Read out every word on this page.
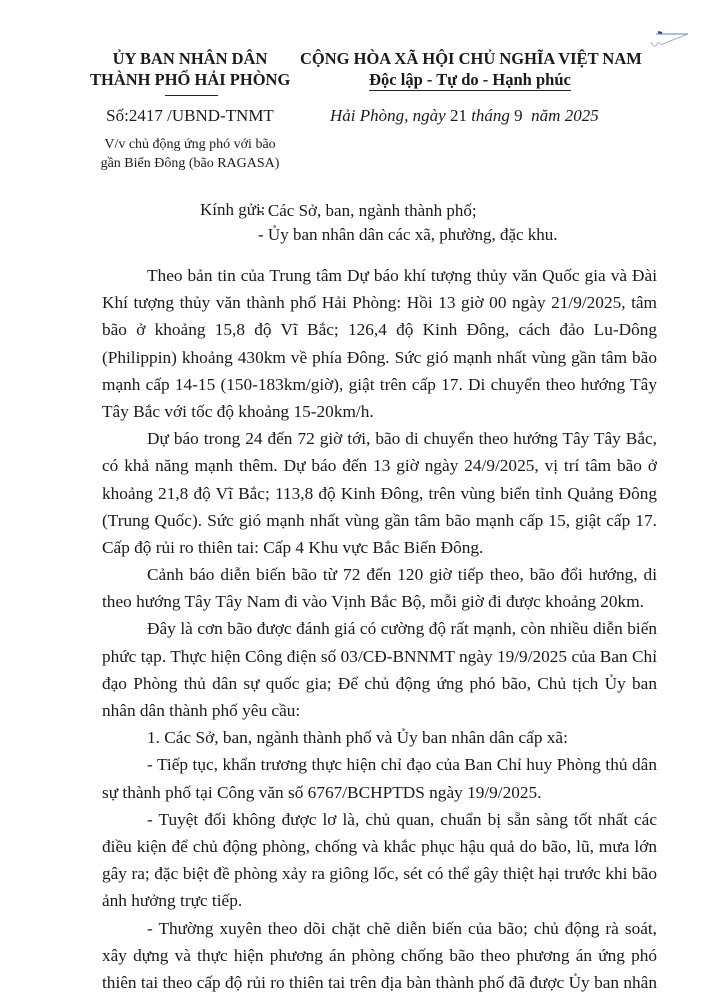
ỦY BAN NHÂN DÂN
THÀNH PHỐ HẢI PHÒNG
CỘNG HÒA XÃ HỘI CHỦ NGHĨA VIỆT NAM
Độc lập - Tự do - Hạnh phúc
Số:2417 /UBND-TNMT	Hải Phòng, ngày 21 tháng 9 năm 2025
V/v chủ động ứng phó với bão
gần Biển Đông (bão RAGASA)
Kính gửi:
- Các Sở, ban, ngành thành phố;
- Ủy ban nhân dân các xã, phường, đặc khu.
Theo bản tin của Trung tâm Dự báo khí tượng thủy văn Quốc gia và Đài
Khí tượng thủy văn thành phố Hải Phòng: Hồi 13 giờ 00 ngày 21/9/2025, tâm
bão ở khoảng 15,8 độ Vĩ Bắc; 126,4 độ Kinh Đông, cách đảo Lu-Dông
(Philippin) khoảng 430km về phía Đông. Sức gió mạnh nhất vùng gần tâm bão
mạnh cấp 14-15 (150-183km/giờ), giật trên cấp 17. Di chuyển theo hướng Tây
Tây Bắc với tốc độ khoảng 15-20km/h.
Dự báo trong 24 đến 72 giờ tới, bão di chuyển theo hướng Tây Tây Bắc,
có khả năng mạnh thêm. Dự báo đến 13 giờ ngày 24/9/2025, vị trí tâm bão ở
khoảng 21,8 độ Vĩ Bắc; 113,8 độ Kinh Đông, trên vùng biển tỉnh Quảng Đông
(Trung Quốc). Sức gió mạnh nhất vùng gần tâm bão mạnh cấp 15, giật cấp 17.
Cấp độ rủi ro thiên tai: Cấp 4 Khu vực Bắc Biển Đông.
Cảnh báo diễn biến bão từ 72 đến 120 giờ tiếp theo, bão đổi hướng, di
theo hướng Tây Tây Nam đi vào Vịnh Bắc Bộ, mỗi giờ đi được khoảng 20km.
Đây là cơn bão được đánh giá có cường độ rất mạnh, còn nhiều diễn biến
phức tạp. Thực hiện Công điện số 03/CĐ-BNNMT ngày 19/9/2025 của Ban Chỉ
đạo Phòng thủ dân sự quốc gia; Để chủ động ứng phó bão, Chủ tịch Ủy ban
nhân dân thành phố yêu cầu:
1. Các Sở, ban, ngành thành phố và Ủy ban nhân dân cấp xã:
- Tiếp tục, khẩn trương thực hiện chỉ đạo của Ban Chỉ huy Phòng thủ dân
sự thành phố tại Công văn số 6767/BCHPTDS ngày 19/9/2025.
- Tuyệt đối không được lơ là, chủ quan, chuẩn bị sẵn sàng tốt nhất các
điều kiện để chủ động phòng, chống và khắc phục hậu quả do bão, lũ, mưa lớn
gây ra; đặc biệt đề phòng xảy ra giông lốc, sét có thể gây thiệt hại trước khi bão
ảnh hưởng trực tiếp.
- Thường xuyên theo dõi chặt chẽ diễn biến của bão; chủ động rà soát,
xây dựng và thực hiện phương án phòng chống bão theo phương án ứng phó
thiên tai theo cấp độ rủi ro thiên tai trên địa bàn thành phố đã được Ủy ban nhân
